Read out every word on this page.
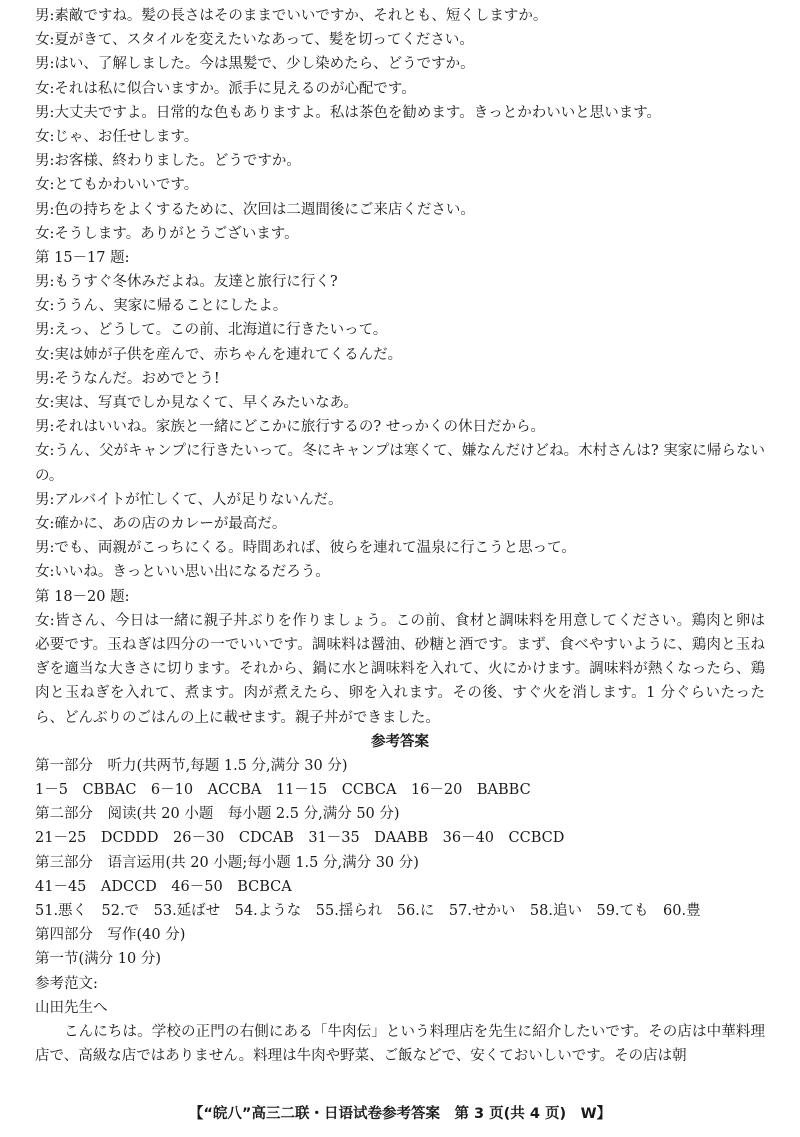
男:素敵ですね。髪の長さはそのままでいいですか、それとも、短くしますか。
女:夏がきて、スタイルを変えたいなあって、髪を切ってください。
男:はい、了解しました。今は黒髪で、少し染めたら、どうですか。
女:それは私に似合いますか。派手に見えるのが心配です。
男:大丈夫ですよ。日常的な色もありますよ。私は茶色を勧めます。きっとかわいいと思います。
女:じゃ、お任せします。
男:お客様、終わりました。どうですか。
女:とてもかわいいです。
男:色の持ちをよくするために、次回は二週間後にご来店ください。
女:そうします。ありがとうございます。
第 15－17 题:
男:もうすぐ冬休みだよね。友達と旅行に行く?
女:ううん、実家に帰ることにしたよ。
男:えっ、どうして。この前、北海道に行きたいって。
女:実は姉が子供を産んで、赤ちゃんを連れてくるんだ。
男:そうなんだ。おめでとう!
女:実は、写真でしか見なくて、早くみたいなあ。
男:それはいいね。家族と一緒にどこかに旅行するの? せっかくの休日だから。
女:うん、父がキャンプに行きたいって。冬にキャンプは寒くて、嫌なんだけどね。木村さんは? 実家に帰らないの。
男:アルバイトが忙しくて、人が足りないんだ。
女:確かに、あの店のカレーが最高だ。
男:でも、両親がこっちにくる。時間あれば、彼らを連れて温泉に行こうと思って。
女:いいね。きっといい思い出になるだろう。
第 18－20 题:
女:皆さん、今日は一緒に親子丼ぶりを作りましょう。この前、食材と調味料を用意してください。鶏肉と卵は必要です。玉ねぎは四分の一でいいです。調味料は醤油、砂糖と酒です。まず、食べやすいように、鶏肉と玉ねぎを適当な大きさに切ります。それから、鍋に水と調味料を入れて、火にかけます。調味料が熱くなったら、鶏肉と玉ねぎを入れて、煮ます。肉が煮えたら、卵を入れます。その後、すぐ火を消します。1 分ぐらいたったら、どんぶりのごはんの上に載せます。親子丼ができました。
参考答案
第一部分　听力(共两节,每题 1.5 分,满分 30 分)
1－5　CBBAC　6－10　ACCBA　11－15　CCBCA　16－20　BABBC
第二部分　阅读(共 20 小题　每小题 2.5 分,满分 50 分)
21－25　DCDDD　26－30　CDCAB　31－35　DAABB　36－40　CCBCD
第三部分　语言运用(共 20 小题;每小题 1.5 分,满分 30 分)
41－45　ADCCD　46－50　BCBCA
51.悪く　52.で　53.延ばせ　54.ような　55.揺られ　56.に　57.せかい　58.追い　59.ても　60.豊
第四部分　写作(40 分)
第一节(满分 10 分)
参考范文:
山田先生へ
こんにちは。学校の正門の右側にある「牛肉伝」という料理店を先生に紹介したいです。その店は中華料理店で、高級な店ではありません。料理は牛肉や野菜、ご飯などで、安くておいしいです。その店は朝
【“皖八”高三二联・日语试卷参考答案　第 3 页(共 4 页)　W】
